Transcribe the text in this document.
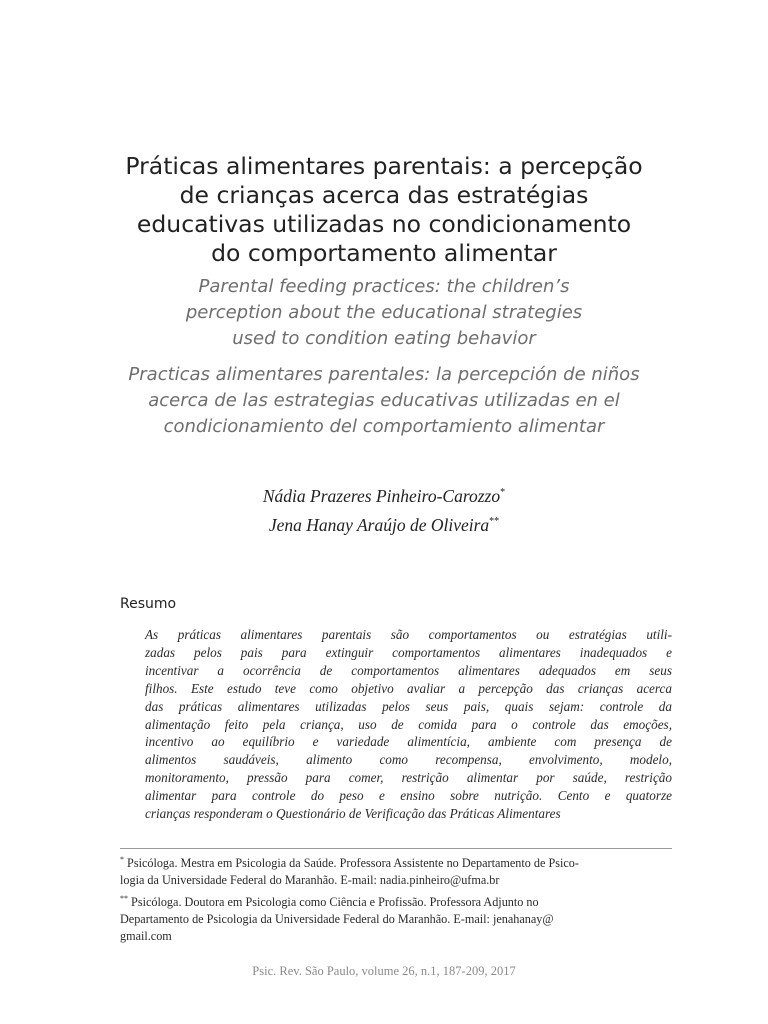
Práticas alimentares parentais: a percepção
de crianças acerca das estratégias
educativas utilizadas no condicionamento
do comportamento alimentar

Parental feeding practices: the children’s
perception about the educational strategies
used to condition eating behavior

Practicas alimentares parentales: la percepción de niños
acerca de las estrategias educativas utilizadas en el
condicionamiento del comportamiento alimentar

Nádia Prazeres Pinheiro-Carozzo*
Jena Hanay Araújo de Oliveira**
Resumo
As práticas alimentares parentais são comportamentos ou estratégias utili-
zadas pelos pais para extinguir comportamentos alimentares inadequados e
incentivar a ocorrência de comportamentos alimentares adequados em seus
filhos. Este estudo teve como objetivo avaliar a percepção das crianças acerca
das práticas alimentares utilizadas pelos seus pais, quais sejam: controle da
alimentação feito pela criança, uso de comida para o controle das emoções,
incentivo ao equilíbrio e variedade alimentícia, ambiente com presença de
alimentos saudáveis, alimento como recompensa, envolvimento, modelo,
monitoramento, pressão para comer, restrição alimentar por saúde, restrição
alimentar para controle do peso e ensino sobre nutrição. Cento e quatorze
crianças responderam o Questionário de Verificação das Práticas Alimentares
* Psicóloga. Mestra em Psicologia da Saúde. Professora Assistente no Departamento de Psico-
logia da Universidade Federal do Maranhão. E-mail: nadia.pinheiro@ufma.br
** Psicóloga. Doutora em Psicologia como Ciência e Profissão. Professora Adjunto no
Departamento de Psicologia da Universidade Federal do Maranhão. E-mail: jenahanay@
gmail.com
Psic. Rev. São Paulo, volume 26, n.1, 187-209, 2017
